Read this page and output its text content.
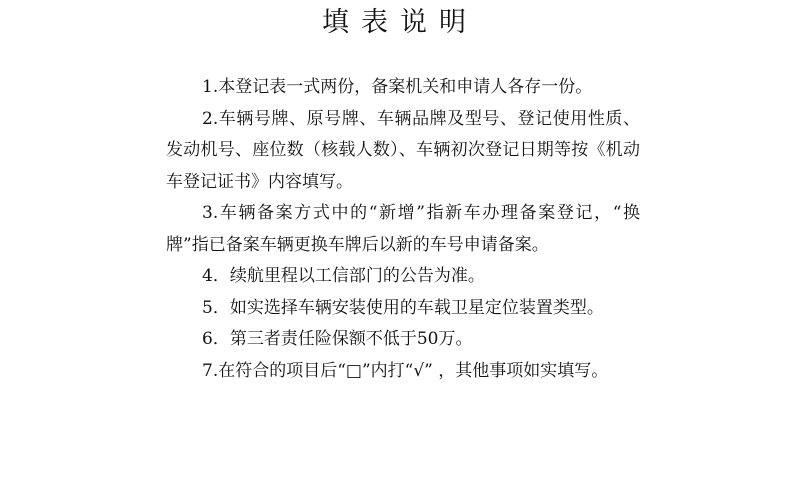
填表说明

1.本登记表一式两份，备案机关和申请人各存一份。

2.车辆号牌、原号牌、车辆品牌及型号、登记使用性质、发动机号、座位数（核载人数）、车辆初次登记日期等按《机动车登记证书》内容填写。

3.车辆备案方式中的“新增”指新车办理备案登记，“换牌”指已备案车辆更换车牌后以新的车号申请备案。

4．续航里程以工信部门的公告为准。

5．如实选择车辆安装使用的车载卫星定位装置类型。

6．第三者责任险保额不低于50万。

7.在符合的项目后“□”内打“√” ，其他事项如实填写。
